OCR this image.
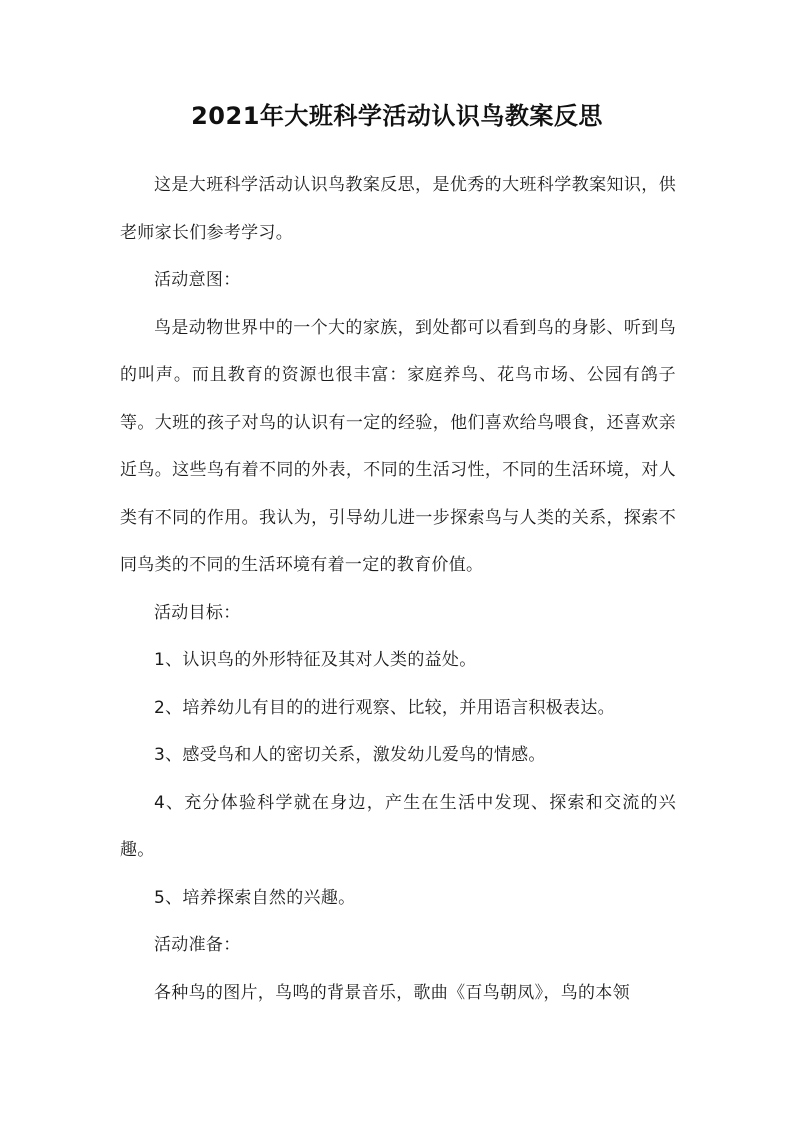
2021年大班科学活动认识鸟教案反思

这是大班科学活动认识鸟教案反思，是优秀的大班科学教案知识，供老师家长们参考学习。

活动意图：

鸟是动物世界中的一个大的家族，到处都可以看到鸟的身影、听到鸟的叫声。而且教育的资源也很丰富：家庭养鸟、花鸟市场、公园有鸽子等。大班的孩子对鸟的认识有一定的经验，他们喜欢给鸟喂食，还喜欢亲近鸟。这些鸟有着不同的外表，不同的生活习性，不同的生活环境，对人类有不同的作用。我认为，引导幼儿进一步探索鸟与人类的关系，探索不同鸟类的不同的生活环境有着一定的教育价值。

活动目标：

1、认识鸟的外形特征及其对人类的益处。

2、培养幼儿有目的的进行观察、比较，并用语言积极表达。

3、感受鸟和人的密切关系，激发幼儿爱鸟的情感。

4、充分体验科学就在身边，产生在生活中发现、探索和交流的兴趣。

5、培养探索自然的兴趣。

活动准备：

各种鸟的图片，鸟鸣的背景音乐，歌曲《百鸟朝凤》，鸟的本领
